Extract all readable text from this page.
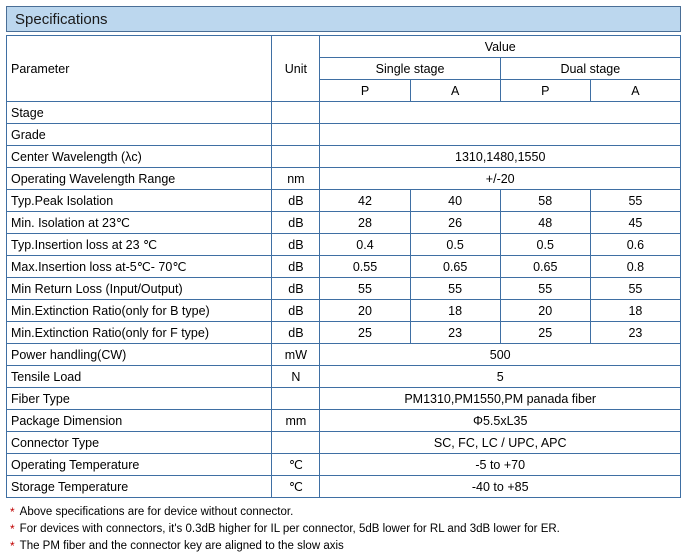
Specifications
Parameter	Unit	Value			
		Single stage		Dual stage	
		P	A	P	A
Stage					
Grade					
Center Wavelength (λc)		1310,1480,1550			
Operating Wavelength Range	nm	+/-20			
Typ.Peak Isolation	dB	42	40	58	55
Min. Isolation at 23℃	dB	28	26	48	45
Typ.Insertion loss at 23 ℃	dB	0.4	0.5	0.5	0.6
Max.Insertion loss at-5℃- 70℃	dB	0.55	0.65	0.65	0.8
Min Return Loss (Input/Output)	dB	55	55	55	55
Min.Extinction Ratio(only for B type)	dB	20	18	20	18
Min.Extinction Ratio(only for F type)	dB	25	23	25	23
Power handling(CW)	mW	500			
Tensile Load	N	5			
Fiber Type		PM1310,PM1550,PM panada fiber			
Package Dimension	mm	Φ5.5xL35			
Connector Type		SC, FC, LC / UPC, APC			
Operating Temperature	℃	-5 to +70			
Storage Temperature	℃	-40 to +85			
* Above specifications are for device without connector.
* For devices with connectors, it's 0.3dB higher for IL per connector, 5dB lower for RL and 3dB lower for ER.
* The PM fiber and the connector key are aligned to the slow axis
